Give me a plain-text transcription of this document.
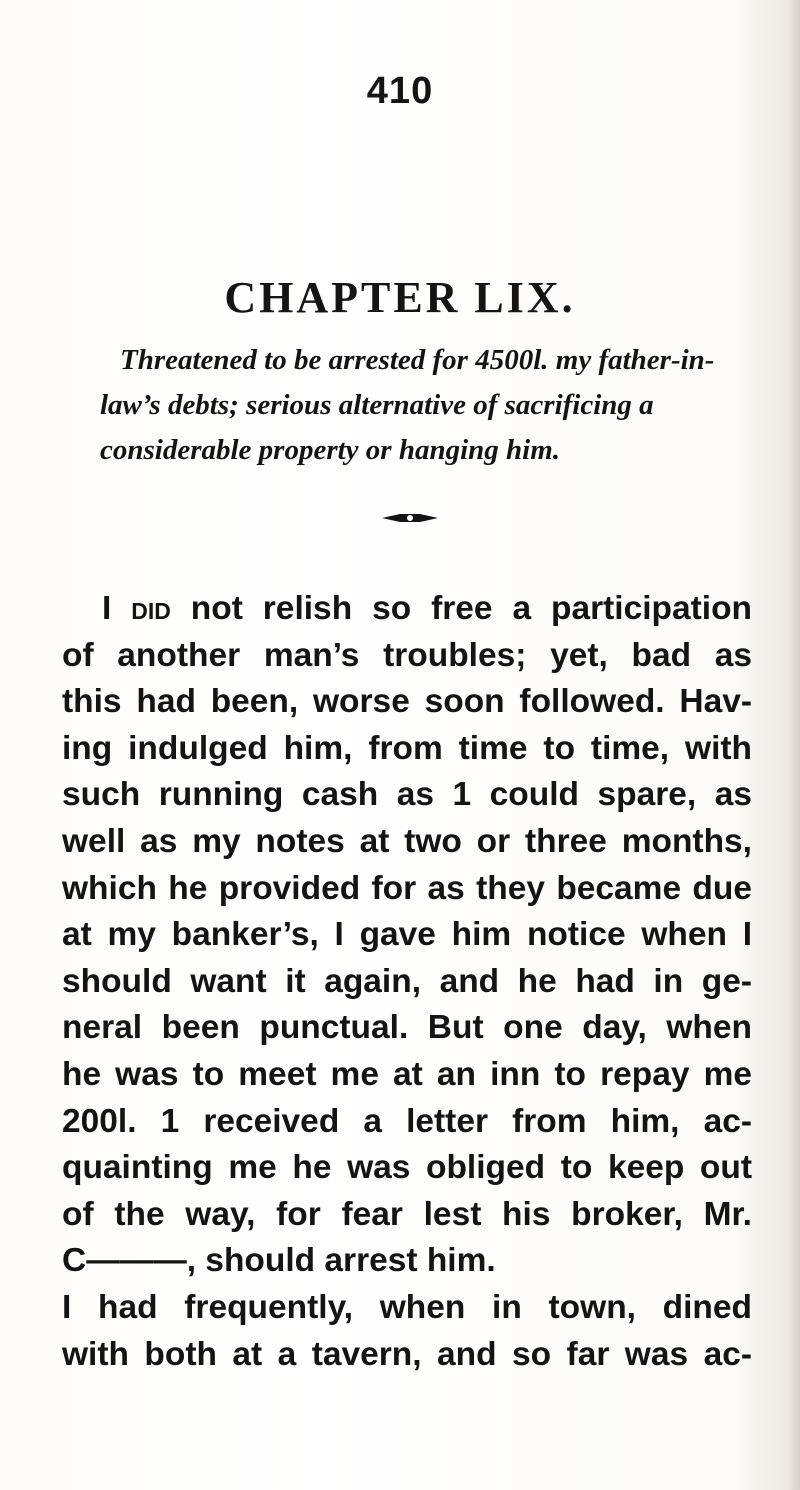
410
CHAPTER LIX.
Threatened to be arrested for 4500l. my father-in-
law’s debts; serious alternative of sacrificing a
considerable property or hanging him.
I did not relish so free a participation
of another man’s troubles; yet, bad as
this had been, worse soon followed. Hav-
ing indulged him, from time to time, with
such running cash as 1 could spare, as
well as my notes at two or three months,
which he provided for as they became due
at my banker’s, I gave him notice when I
should want it again, and he had in ge-
neral been punctual. But one day, when
he was to meet me at an inn to repay me
200l. 1 received a letter from him, ac-
quainting me he was obliged to keep out
of the way, for fear lest his broker, Mr.
C———, should arrest him.
I had frequently, when in town, dined
with both at a tavern, and so far was ac-
